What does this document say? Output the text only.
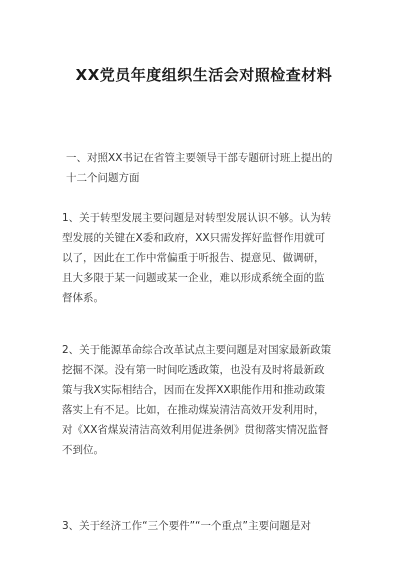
XX党员年度组织生活会对照检查材料
一、对照XX书记在省管主要领导干部专题研讨班上提出的
十二个问题方面
1、关于转型发展主要问题是对转型发展认识不够。认为转
型发展的关键在X委和政府，XX只需发挥好监督作用就可
以了，因此在工作中常偏重于听报告、提意见、做调研，
且大多限于某一问题或某一企业，难以形成系统全面的监
督体系。
2、关于能源革命综合改革试点主要问题是对国家最新政策
挖掘不深。没有第一时间吃透政策，也没有及时将最新政
策与我X实际相结合，因而在发挥XX职能作用和推动政策
落实上有不足。比如，在推动煤炭清洁高效开发利用时，
对《XX省煤炭清洁高效利用促进条例》贯彻落实情况监督
不到位。
3、关于经济工作“三个要件”“一个重点”主要问题是对
